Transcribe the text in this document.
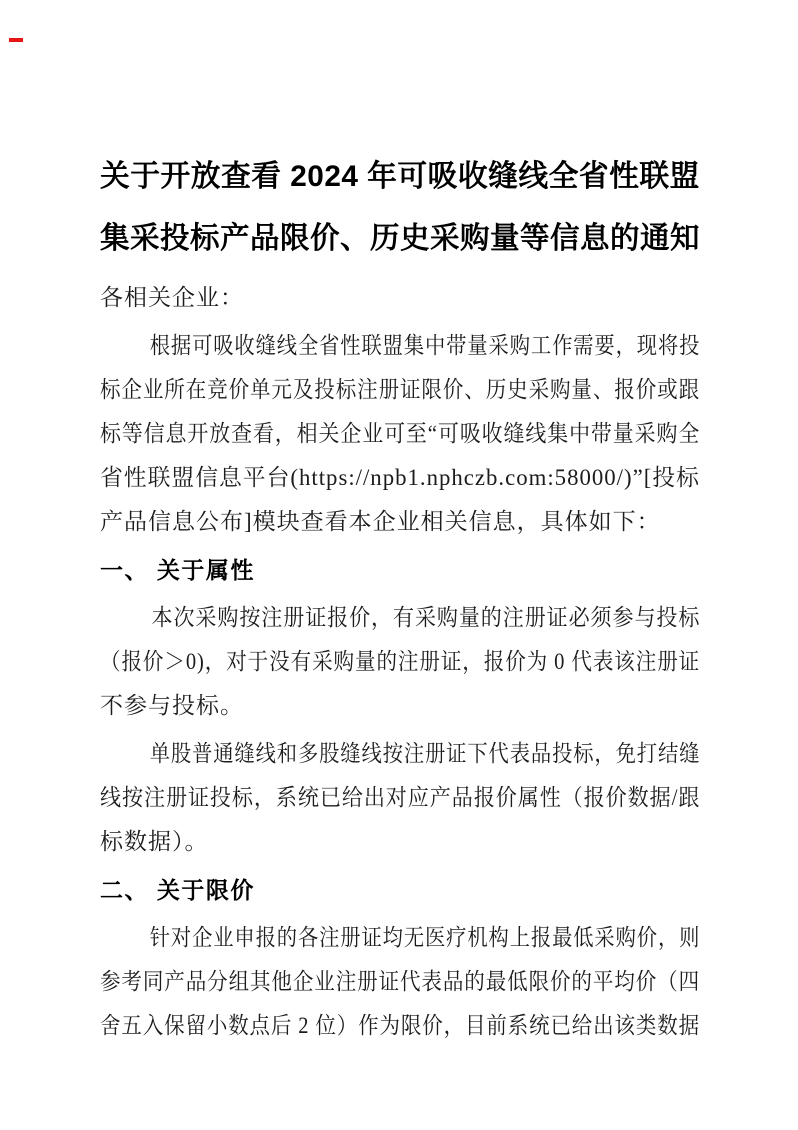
关于开放查看 2024 年可吸收缝线全省性联盟
集采投标产品限价、历史采购量等信息的通知
各相关企业：
根据可吸收缝线全省性联盟集中带量采购工作需要，现将投
标企业所在竞价单元及投标注册证限价、历史采购量、报价或跟
标等信息开放查看，相关企业可至“可吸收缝线集中带量采购全
省性联盟信息平台(https://npb1.nphczb.com:58000/)”[投标
产品信息公布]模块查看本企业相关信息，具体如下：
一、 关于属性
本次采购按注册证报价，有采购量的注册证必须参与投标
（报价＞0)，对于没有采购量的注册证，报价为 0 代表该注册证
不参与投标。
单股普通缝线和多股缝线按注册证下代表品投标，免打结缝
线按注册证投标，系统已给出对应产品报价属性（报价数据/跟
标数据）。
二、 关于限价
针对企业申报的各注册证均无医疗机构上报最低采购价，则
参考同产品分组其他企业注册证代表品的最低限价的平均价（四
舍五入保留小数点后 2 位）作为限价，目前系统已给出该类数据
